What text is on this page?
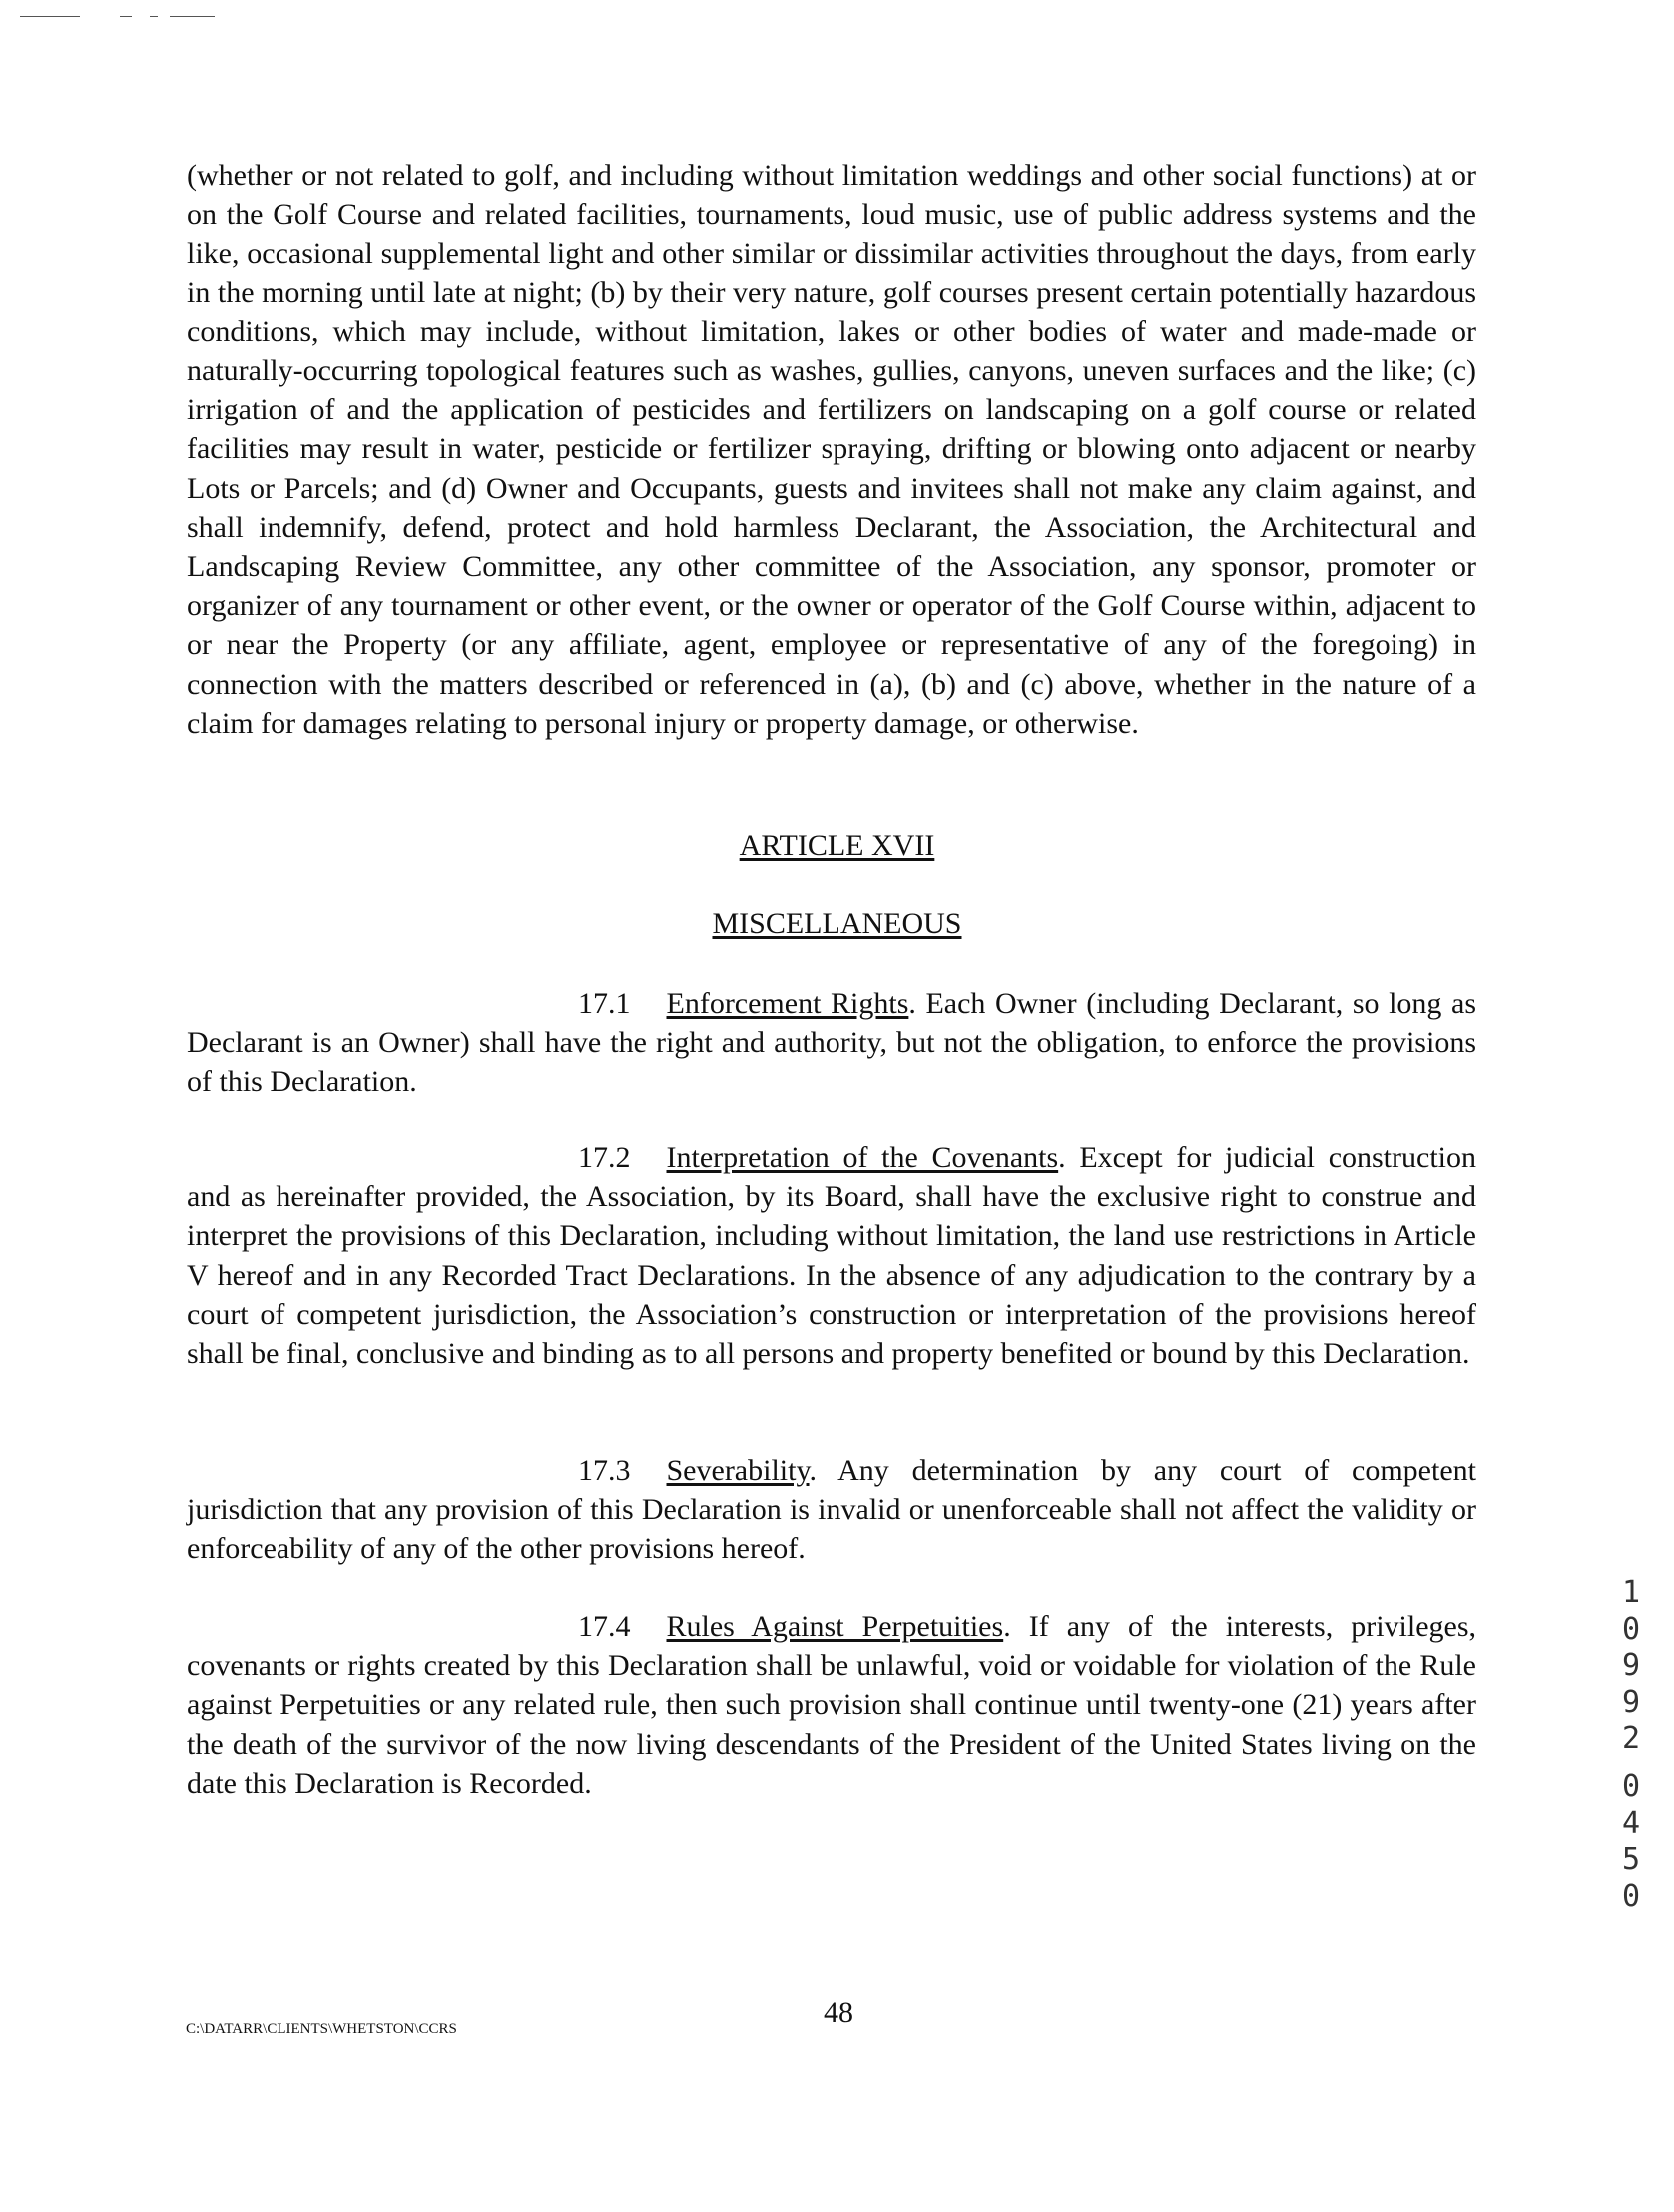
(whether or not related to golf, and including without limitation weddings and other social functions) at or on the Golf Course and related facilities, tournaments, loud music, use of public address systems and the like, occasional supplemental light and other similar or dissimilar activities throughout the days, from early in the morning until late at night; (b) by their very nature, golf courses present certain potentially hazardous conditions, which may include, without limitation, lakes or other bodies of water and made-made or naturally-occurring topological features such as washes, gullies, canyons, uneven surfaces and the like; (c) irrigation of and the application of pesticides and fertilizers on landscaping on a golf course or related facilities may result in water, pesticide or fertilizer spraying, drifting or blowing onto adjacent or nearby Lots or Parcels; and (d) Owner and Occupants, guests and invitees shall not make any claim against, and shall indemnify, defend, protect and hold harmless Declarant, the Association, the Architectural and Landscaping Review Committee, any other committee of the Association, any sponsor, promoter or organizer of any tournament or other event, or the owner or operator of the Golf Course within, adjacent to or near the Property (or any affiliate, agent, employee or representative of any of the foregoing) in connection with the matters described or referenced in (a), (b) and (c) above, whether in the nature of a claim for damages relating to personal injury or property damage, or otherwise.

ARTICLE XVII
MISCELLANEOUS

17.1 Enforcement Rights. Each Owner (including Declarant, so long as Declarant is an Owner) shall have the right and authority, but not the obligation, to enforce the provisions of this Declaration.

17.2 Interpretation of the Covenants. Except for judicial construction and as hereinafter provided, the Association, by its Board, shall have the exclusive right to construe and interpret the provisions of this Declaration, including without limitation, the land use restrictions in Article V hereof and in any Recorded Tract Declarations. In the absence of any adjudication to the contrary by a court of competent jurisdiction, the Association’s construction or interpretation of the provisions hereof shall be final, conclusive and binding as to all persons and property benefited or bound by this Declaration.

17.3 Severability. Any determination by any court of competent jurisdiction that any provision of this Declaration is invalid or unenforceable shall not affect the validity or enforceability of any of the other provisions hereof.

17.4 Rules Against Perpetuities. If any of the interests, privileges, covenants or rights created by this Declaration shall be unlawful, void or voidable for violation of the Rule against Perpetuities or any related rule, then such provision shall continue until twenty-one (21) years after the death of the survivor of the now living descendants of the President of the United States living on the date this Declaration is Recorded.

1
0
9
9
2
0
4
5
0
C:\DATARR\CLIENTS\WHETSTON\CCRS	48
